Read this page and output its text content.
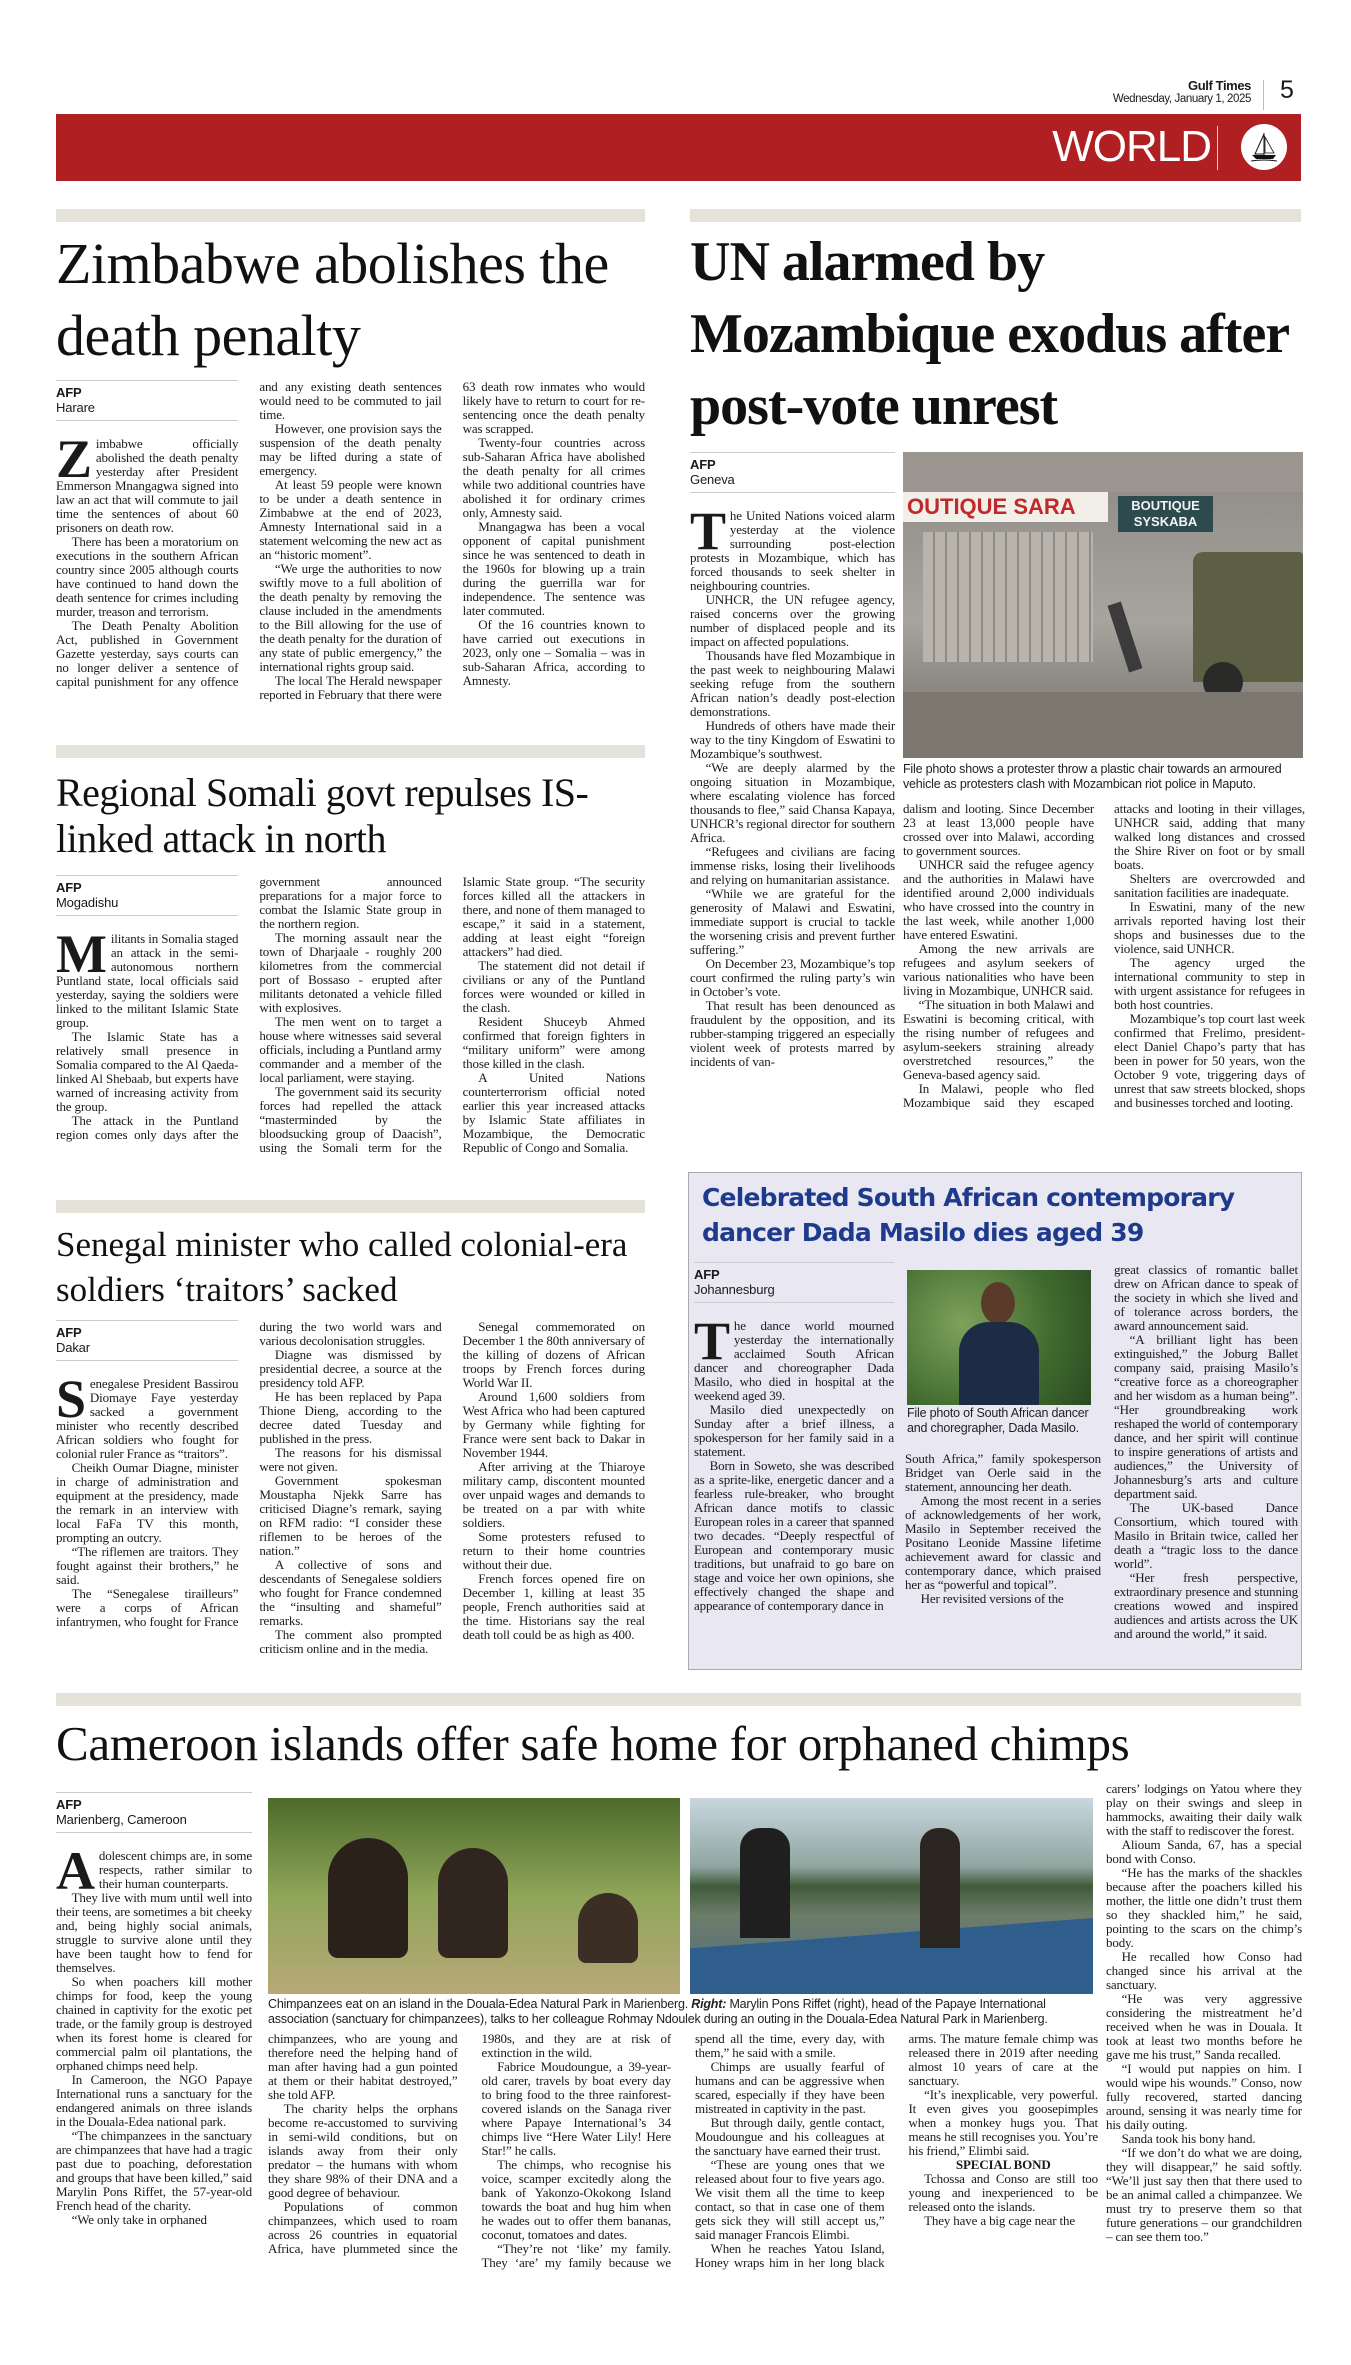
Gulf Times
Wednesday, January 1, 2025 5
WORLD
Zimbabwe abolishes the death penalty
AFP
Harare

Zimbabwe officially abolished the death penalty yesterday after President Emmerson Mnangagwa signed into law an act that will commute to jail time the sentences of about 60 prisoners on death row.

There has been a moratorium on executions in the southern African country since 2005 although courts have continued to hand down the death sentence for crimes including murder, treason and terrorism.

The Death Penalty Abolition Act, published in Government Gazette yesterday, says courts can no longer deliver a sentence of capital punishment for any offence and any existing death sentences would need to be commuted to jail time.

However, one provision says the suspension of the death penalty may be lifted during a state of emergency.

At least 59 people were known to be under a death sentence in Zimbabwe at the end of 2023, Amnesty International said in a statement welcoming the new act as an “historic moment”.

“We urge the authorities to now swiftly move to a full abolition of the death penalty by removing the clause included in the amendments to the Bill allowing for the use of the death penalty for the duration of any state of public emergency,” the international rights group said.

The local The Herald newspaper reported in February that there were 63 death row inmates who would likely have to return to court for re-sentencing once the death penalty was scrapped.

Twenty-four countries across sub-Saharan Africa have abolished the death penalty for all crimes while two additional countries have abolished it for ordinary crimes only, Amnesty said.

Mnangagwa has been a vocal opponent of capital punishment since he was sentenced to death in the 1960s for blowing up a train during the guerrilla war for independence. The sentence was later commuted.

Of the 16 countries known to have carried out executions in 2023, only one – Somalia – was in sub-Saharan Africa, according to Amnesty.

Regional Somali govt repulses IS-linked attack in north
AFP
Mogadishu

Militants in Somalia staged an attack in the semi-autonomous northern Puntland state, local officials said yesterday, saying the soldiers were linked to the militant Islamic State group.

The Islamic State has a relatively small presence in Somalia compared to the Al Qaeda-linked Al Shebaab, but experts have warned of increasing activity from the group.

The attack in the Puntland region comes only days after the government announced preparations for a major force to combat the Islamic State group in the northern region.

The morning assault near the town of Dharjaale - roughly 200 kilometres from the commercial port of Bossaso - erupted after militants detonated a vehicle filled with explosives.

The men went on to target a house where witnesses said several officials, including a Puntland army commander and a member of the local parliament, were staying.

The government said its security forces had repelled the attack “masterminded by the bloodsucking group of Daacish”, using the Somali term for the Islamic State group. “The security forces killed all the attackers in there, and none of them managed to escape,” it said in a statement, adding at least eight “foreign attackers” had died.

The statement did not detail if civilians or any of the Puntland forces were wounded or killed in the clash.

Resident Shuceyb Ahmed confirmed that foreign fighters in “military uniform” were among those killed in the clash.

A United Nations counterterrorism official noted earlier this year increased attacks by Islamic State affiliates in Mozambique, the Democratic Republic of Congo and Somalia.

Senegal minister who called colonial-era soldiers ‘traitors’ sacked
AFP
Dakar

Senegalese President Bassirou Diomaye Faye yesterday sacked a government minister who recently described African soldiers who fought for colonial ruler France as “traitors”.

Cheikh Oumar Diagne, minister in charge of administration and equipment at the presidency, made the remark in an interview with local FaFa TV this month, prompting an outcry.

“The riflemen are traitors. They fought against their brothers,” he said.

The “Senegalese tirailleurs” were a corps of African infantrymen, who fought for France during the two world wars and various decolonisation struggles.

Diagne was dismissed by presidential decree, a source at the presidency told AFP.

He has been replaced by Papa Thione Dieng, according to the decree dated Tuesday and published in the press.

The reasons for his dismissal were not given.

Government spokesman Moustapha Njekk Sarre has criticised Diagne’s remark, saying on RFM radio: “I consider these riflemen to be heroes of the nation.”

A collective of sons and descendants of Senegalese soldiers who fought for France condemned the “insulting and shameful” remarks.

The comment also prompted criticism online and in the media.

Senegal commemorated on December 1 the 80th anniversary of the killing of dozens of African troops by French forces during World War II.

Around 1,600 soldiers from West Africa who had been captured by Germany while fighting for France were sent back to Dakar in November 1944.

After arriving at the Thiaroye military camp, discontent mounted over unpaid wages and demands to be treated on a par with white soldiers.

Some protesters refused to return to their home countries without their due.

French forces opened fire on December 1, killing at least 35 people, French authorities said at the time. Historians say the real death toll could be as high as 400.

UN alarmed by Mozambique exodus after post-vote unrest
AFP
Geneva

The United Nations voiced alarm yesterday at the violence surrounding post-election protests in Mozambique, which has forced thousands to seek shelter in neighbouring countries.

UNHCR, the UN refugee agency, raised concerns over the growing number of displaced people and its impact on affected populations.

Thousands have fled Mozambique in the past week to neighbouring Malawi seeking refuge from the southern African nation’s deadly post-election demonstrations.

Hundreds of others have made their way to the tiny Kingdom of Eswatini to Mozambique’s southwest.

“We are deeply alarmed by the ongoing situation in Mozambique, where escalating violence has forced thousands to flee,” said Chansa Kapaya, UNHCR’s regional director for southern Africa.

“Refugees and civilians are facing immense risks, losing their livelihoods and relying on humanitarian assistance.

“While we are grateful for the generosity of Malawi and Eswatini, immediate support is crucial to tackle the worsening crisis and prevent further suffering.”

On December 23, Mozambique’s top court confirmed the ruling party’s win in October’s vote.

That result has been denounced as fraudulent by the opposition, and its rubber-stamping triggered an especially violent week of protests marred by incidents of van-

OUTIQUE SARA	BOUTIQUE SYSKABA
File photo shows a protester throw a plastic chair towards an armoured vehicle as protesters clash with Mozambican riot police in Maputo.

dalism and looting. Since December 23 at least 13,000 people have crossed over into Malawi, according to government sources.

UNHCR said the refugee agency and the authorities in Malawi have identified around 2,000 individuals who have crossed into the country in the last week, while another 1,000 have entered Eswatini.

Among the new arrivals are refugees and asylum seekers of various nationalities who have been living in Mozambique, UNHCR said.

“The situation in both Malawi and Eswatini is becoming critical, with the rising number of refugees and asylum-seekers straining already overstretched resources,” the Geneva-based agency said.

In Malawi, people who fled Mozambique said they escaped attacks and looting in their villages, UNHCR said, adding that many walked long distances and crossed the Shire River on foot or by small boats.

Shelters are overcrowded and sanitation facilities are inadequate.

In Eswatini, many of the new arrivals reported having lost their shops and businesses due to the violence, said UNHCR.

The agency urged the international community to step in with urgent assistance for refugees in both host countries.

Mozambique’s top court last week confirmed that Frelimo, president-elect Daniel Chapo’s party that has been in power for 50 years, won the October 9 vote, triggering days of unrest that saw streets blocked, shops and businesses torched and looting.

Celebrated South African contemporary dancer Dada Masilo dies aged 39
AFP
Johannesburg

The dance world mourned yesterday the internationally acclaimed South African dancer and choreographer Dada Masilo, who died in hospital at the weekend aged 39.

Masilo died unexpectedly on Sunday after a brief illness, a spokesperson for her family said in a statement.

Born in Soweto, she was described as a sprite-like, energetic dancer and a fearless rule-breaker, who brought African dance motifs to classic European roles in a career that spanned two decades. “Deeply respectful of European and contemporary music traditions, but unafraid to go bare on stage and voice her own opinions, she effectively changed the shape and appearance of contemporary dance in

File photo of South African dancer and choregrapher, Dada Masilo.

South Africa,” family spokesperson Bridget van Oerle said in the statement, announcing her death.

Among the most recent in a series of acknowledgements of her work, Masilo in September received the Positano Leonide Massine lifetime achievement award for classic and contemporary dance, which praised her as “powerful and topical”.

Her revisited versions of the

great classics of romantic ballet drew on African dance to speak of the society in which she lived and of tolerance across borders, the award announcement said.

“A brilliant light has been extinguished,” the Joburg Ballet company said, praising Masilo’s “creative force as a choreographer and her wisdom as a human being”. “Her groundbreaking work reshaped the world of contemporary dance, and her spirit will continue to inspire generations of artists and audiences,” the University of Johannesburg’s arts and culture department said.

The UK-based Dance Consortium, which toured with Masilo in Britain twice, called her death a “tragic loss to the dance world”.

“Her fresh perspective, extraordinary presence and stunning creations wowed and inspired audiences and artists across the UK and around the world,” it said.

Cameroon islands offer safe home for orphaned chimps
AFP
Marienberg, Cameroon

Adolescent chimps are, in some respects, rather similar to their human counterparts.

They live with mum until well into their teens, are sometimes a bit cheeky and, being highly social animals, struggle to survive alone until they have been taught how to fend for themselves.

So when poachers kill mother chimps for food, keep the young chained in captivity for the exotic pet trade, or the family group is destroyed when its forest home is cleared for commercial palm oil plantations, the orphaned chimps need help.

In Cameroon, the NGO Papaye International runs a sanctuary for the endangered animals on three islands in the Douala-Edea national park.

“The chimpanzees in the sanctuary are chimpanzees that have had a tragic past due to poaching, deforestation and groups that have been killed,” said Marylin Pons Riffet, the 57-year-old French head of the charity.

“We only take in orphaned

Chimpanzees eat on an island in the Douala-Edea Natural Park in Marienberg. Right: Marylin Pons Riffet (right), head of the Papaye International association (sanctuary for chimpanzees), talks to her colleague Rohmay Ndoulek during an outing in the Douala-Edea Natural Park in Marienberg.

chimpanzees, who are young and therefore need the helping hand of man after having had a gun pointed at them or their habitat destroyed,” she told AFP.

The charity helps the orphans become re-accustomed to surviving in semi-wild conditions, but on islands away from their only predator – the humans with whom they share 98% of their DNA and a good degree of behaviour.

Populations of common chimpanzees, which used to roam across 26 countries in equatorial Africa, have plummeted since the 1980s, and they are at risk of extinction in the wild.

Fabrice Moudoungue, a 39-year-old carer, travels by boat every day to bring food to the three rainforest-covered islands on the Sanaga river where Papaye International’s 34 chimps live “Here Water Lily! Here Star!” he calls.

The chimps, who recognise his voice, scamper excitedly along the bank of Yakonzo-Okokong Island towards the boat and hug him when he wades out to offer them bananas, coconut, tomatoes and dates.

“They’re not ‘like’ my family. They ‘are’ my family because we spend all the time, every day, with them,” he said with a smile.

Chimps are usually fearful of humans and can be aggressive when scared, especially if they have been mistreated in captivity in the past.

But through daily, gentle contact, Moudoungue and his colleagues at the sanctuary have earned their trust.

“These are young ones that we released about four to five years ago. We visit them all the time to keep contact, so that in case one of them gets sick they will still accept us,” said manager Francois Elimbi.

When he reaches Yatou Island, Honey wraps him in her long black arms. The mature female chimp was released there in 2019 after needing almost 10 years of care at the sanctuary.

“It’s inexplicable, very powerful. It even gives you goosepimples when a monkey hugs you. That means he still recognises you. You’re his friend,” Elimbi said.

SPECIAL BOND

Tchossa and Conso are still too young and inexperienced to be released onto the islands.

They have a big cage near the

carers’ lodgings on Yatou where they play on their swings and sleep in hammocks, awaiting their daily walk with the staff to rediscover the forest.

Alioum Sanda, 67, has a special bond with Conso.

“He has the marks of the shackles because after the poachers killed his mother, the little one didn’t trust them so they shackled him,” he said, pointing to the scars on the chimp’s body.

He recalled how Conso had changed since his arrival at the sanctuary.

“He was very aggressive considering the mistreatment he’d received when he was in Douala. It took at least two months before he gave me his trust,” Sanda recalled.

“I would put nappies on him. I would wipe his wounds.” Conso, now fully recovered, started dancing around, sensing it was nearly time for his daily outing.

Sanda took his bony hand.

“If we don’t do what we are doing, they will disappear,” he said softly. “We’ll just say then that there used to be an animal called a chimpanzee. We must try to preserve them so that future generations – our grandchildren – can see them too.”
